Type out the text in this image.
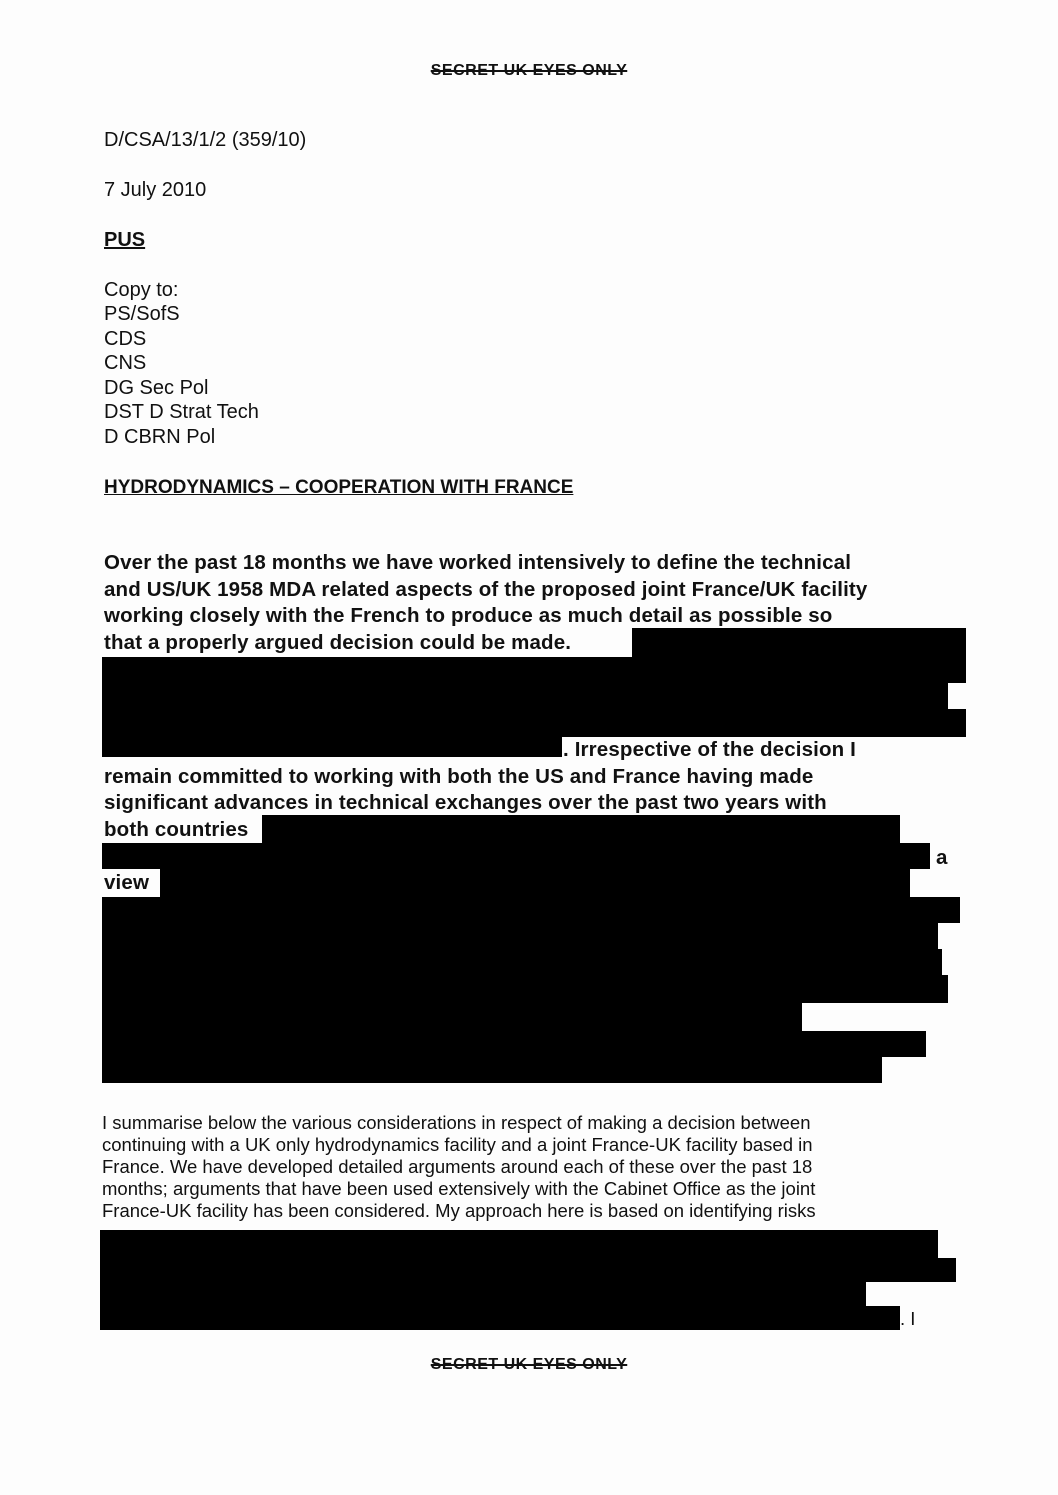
SECRET UK EYES ONLY
D/CSA/13/1/2 (359/10)
7 July 2010
PUS
Copy to:
PS/SofS
CDS
CNS
DG Sec Pol
DST D Strat Tech
D CBRN Pol
HYDRODYNAMICS – COOPERATION WITH FRANCE
Over the past 18 months we have worked intensively to define the technical
and US/UK 1958 MDA related aspects of the proposed joint France/UK facility
working closely with the French to produce as much detail as possible so
that a properly argued decision could be made.
. Irrespective of the decision I
remain committed to working with both the US and France having made
significant advances in technical exchanges over the past two years with
both countries
a
view
I summarise below the various considerations in respect of making a decision between
continuing with a UK only hydrodynamics facility and a joint France-UK facility based in
France. We have developed detailed arguments around each of these over the past 18
months; arguments that have been used extensively with the Cabinet Office as the joint
France-UK facility has been considered. My approach here is based on identifying risks
. I
SECRET UK EYES ONLY
